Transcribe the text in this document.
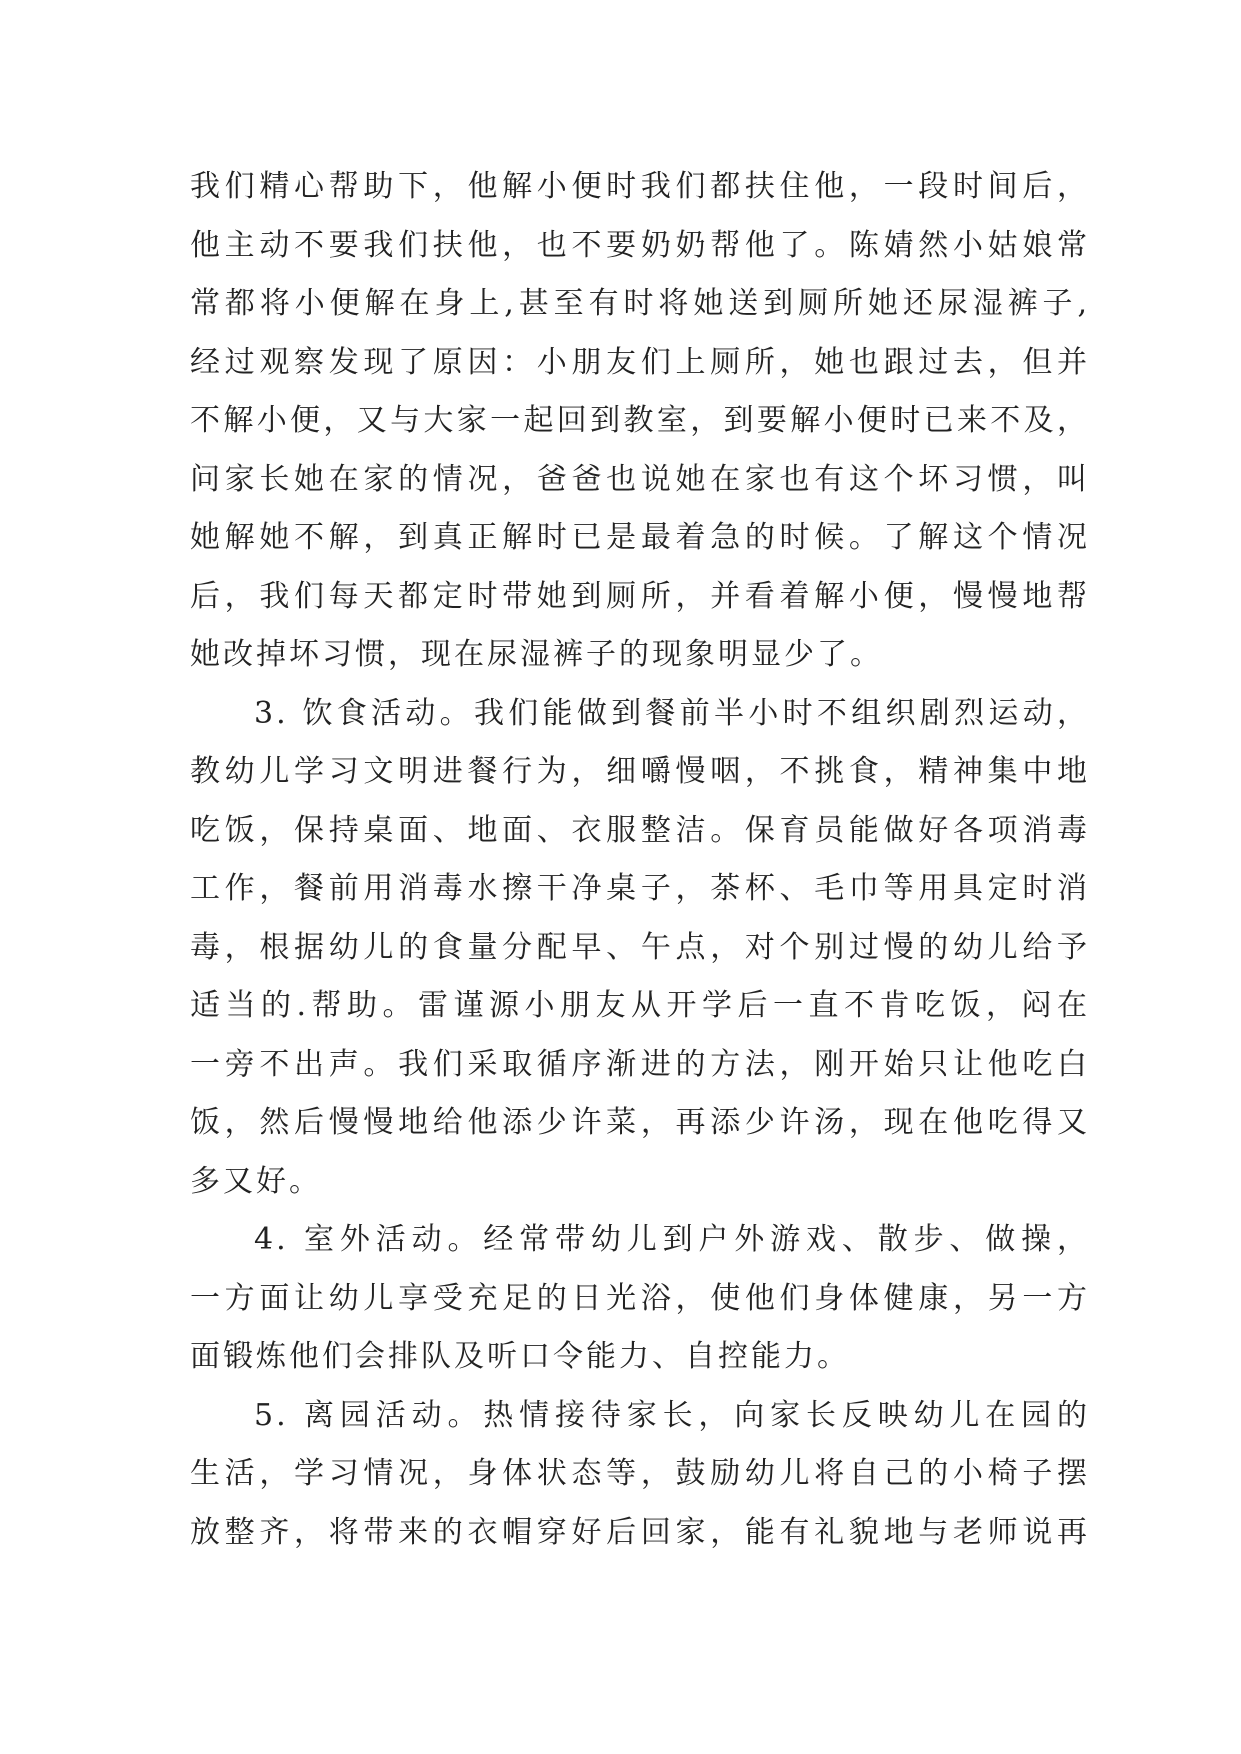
我们精心帮助下，他解小便时我们都扶住他，一段时间后，
他主动不要我们扶他，也不要奶奶帮他了。陈婧然小姑娘常
常都将小便解在身上,甚至有时将她送到厕所她还尿湿裤子,
经过观察发现了原因：小朋友们上厕所，她也跟过去，但并
不解小便，又与大家一起回到教室，到要解小便时已来不及，
问家长她在家的情况，爸爸也说她在家也有这个坏习惯，叫
她解她不解，到真正解时已是最着急的时候。了解这个情况
后，我们每天都定时带她到厕所，并看着解小便，慢慢地帮
她改掉坏习惯，现在尿湿裤子的现象明显少了。
3. 饮食活动。我们能做到餐前半小时不组织剧烈运动，
教幼儿学习文明进餐行为，细嚼慢咽，不挑食，精神集中地
吃饭，保持桌面、地面、衣服整洁。保育员能做好各项消毒
工作，餐前用消毒水擦干净桌子，茶杯、毛巾等用具定时消
毒，根据幼儿的食量分配早、午点，对个别过慢的幼儿给予
适当的.帮助。雷谨源小朋友从开学后一直不肯吃饭，闷在
一旁不出声。我们采取循序渐进的方法，刚开始只让他吃白
饭，然后慢慢地给他添少许菜，再添少许汤，现在他吃得又
多又好。
4. 室外活动。经常带幼儿到户外游戏、散步、做操，
一方面让幼儿享受充足的日光浴，使他们身体健康，另一方
面锻炼他们会排队及听口令能力、自控能力。
5. 离园活动。热情接待家长，向家长反映幼儿在园的
生活，学习情况，身体状态等，鼓励幼儿将自己的小椅子摆
放整齐，将带来的衣帽穿好后回家，能有礼貌地与老师说再
